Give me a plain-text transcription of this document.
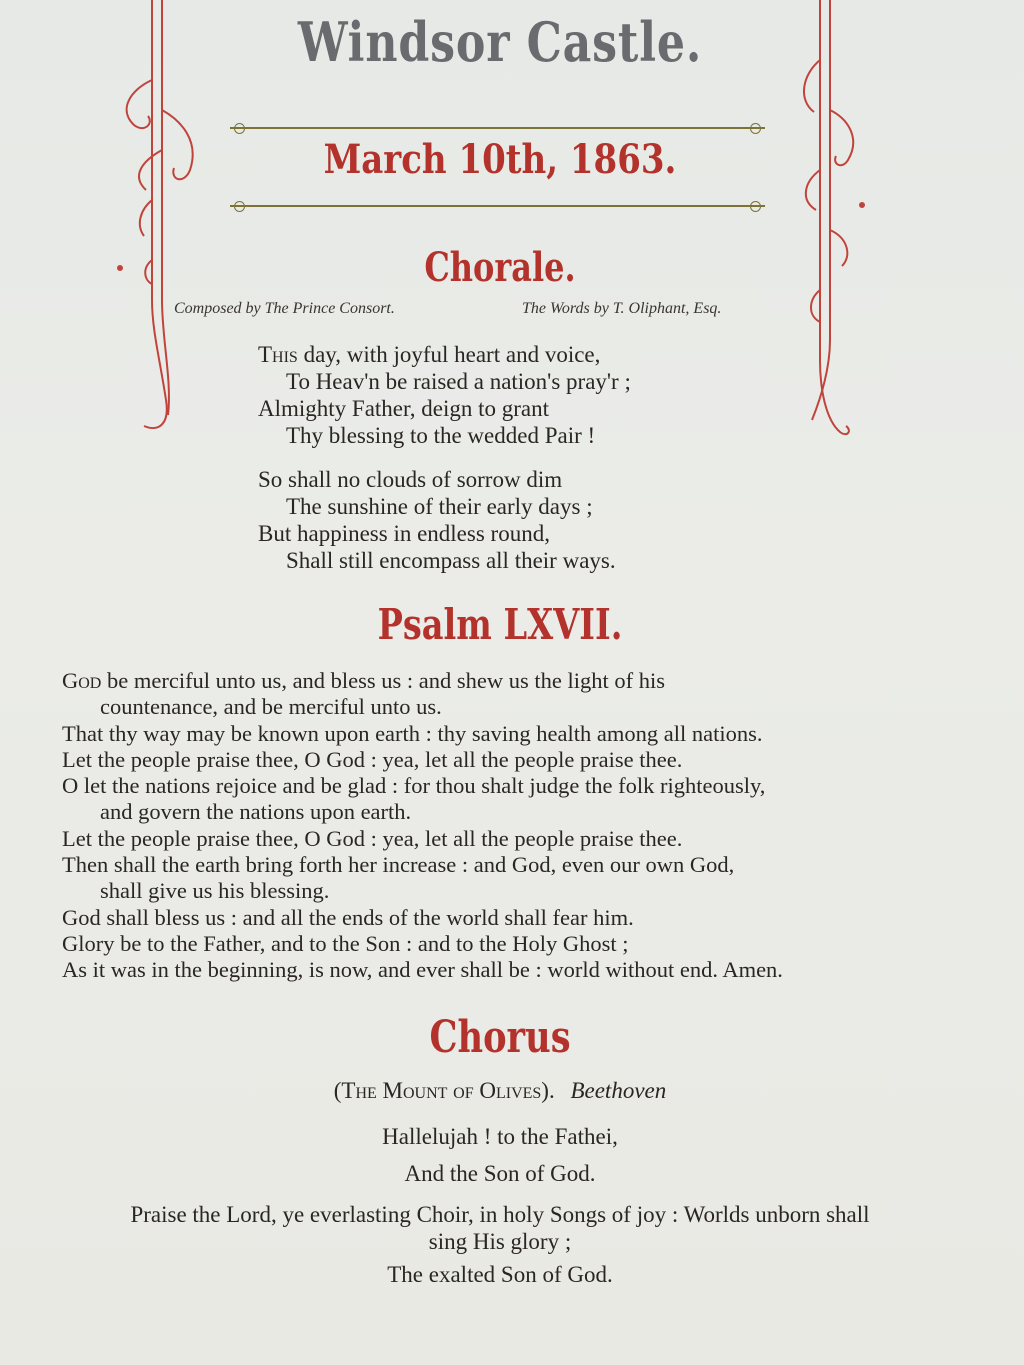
Windsor Castle.
March 10th, 1863.
Chorale.
Composed by The Prince Consort.	The Words by T. Oliphant, Esq.
This day, with joyful heart and voice,
To Heav'n be raised a nation's pray'r ;
Almighty Father, deign to grant
Thy blessing to the wedded Pair !
So shall no clouds of sorrow dim
The sunshine of their early days ;
But happiness in endless round,
Shall still encompass all their ways.
Psalm LXVII.
God be merciful unto us, and bless us : and shew us the light of his
countenance, and be merciful unto us.
That thy way may be known upon earth : thy saving health among all nations.
Let the people praise thee, O God : yea, let all the people praise thee.
O let the nations rejoice and be glad : for thou shalt judge the folk righteously,
and govern the nations upon earth.
Let the people praise thee, O God : yea, let all the people praise thee.
Then shall the earth bring forth her increase : and God, even our own God,
shall give us his blessing.
God shall bless us : and all the ends of the world shall fear him.
Glory be to the Father, and to the Son : and to the Holy Ghost ;
As it was in the beginning, is now, and ever shall be : world without end. Amen.
Chorus
(The Mount of Olives). Beethoven
Hallelujah ! to the Fathei,
And the Son of God.
Praise the Lord, ye everlasting Choir, in holy Songs of joy : Worlds unborn shall
sing His glory ;
The exalted Son of God.
